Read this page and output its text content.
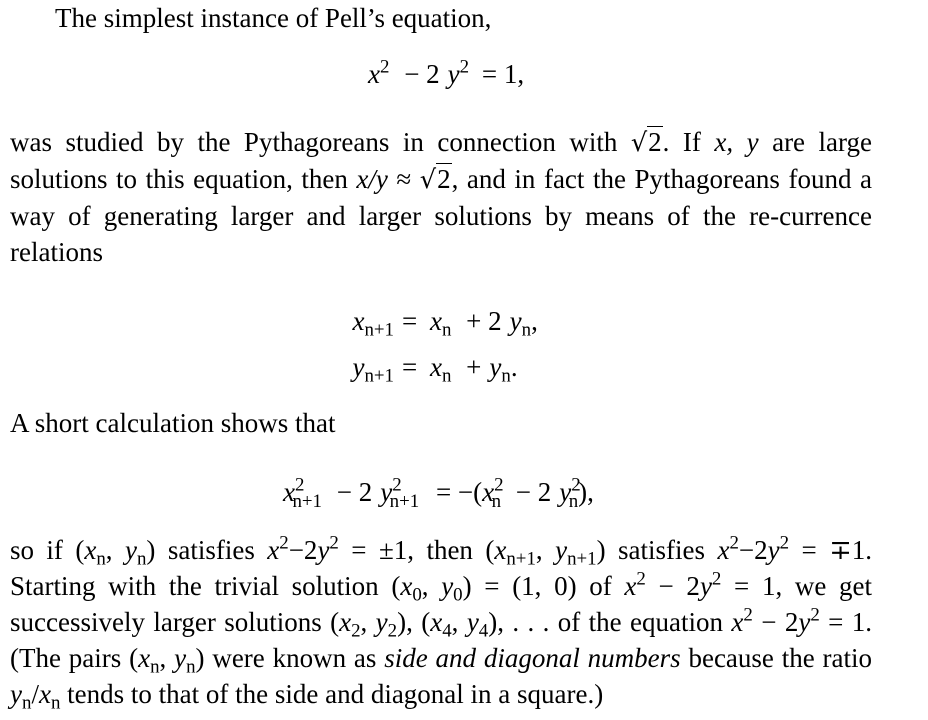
The simplest instance of Pell’s equation,

$x^2 - 2$ $y^2 = 1$,

was studied by the Pythagoreans in connection with √2. If x, y are large solutions to this equation, then x/y ≈ √2, and in fact the Pythagoreans found a way of generating larger and larger solutions by means of the re-currence relations

$x_{n+1} = x_n + 2$ $y_n$,
$y_{n+1} = x_n + y_n$.

A short calculation shows that

$x^2_{n+1} - 2$ $y^2_{n+1} = -(x^2_n - 2$ $y^2_n$),

so if ($x_n$, $y_n$) satisfies $x^2-2y^2 = \pm 1$, then ($x_{n+1}$, $y_{n+1}$) satisfies $x^2-2y^2 = \mp 1$. Starting with the trivial solution ($x_0$, $y_0) = (1$, 0) of $x^2 - 2y^2 = 1$, we get successively larger solutions ($x_2$, $y_2$), ($x_4$, $y_4$), . . . of the equation $x^2 - 2y^2 = 1$. (The pairs ($x_n$, $y_n$) were known as side and diagonal numbers because the ratio $y_n/x_n$ tends to that of the side and diagonal in a square.)
